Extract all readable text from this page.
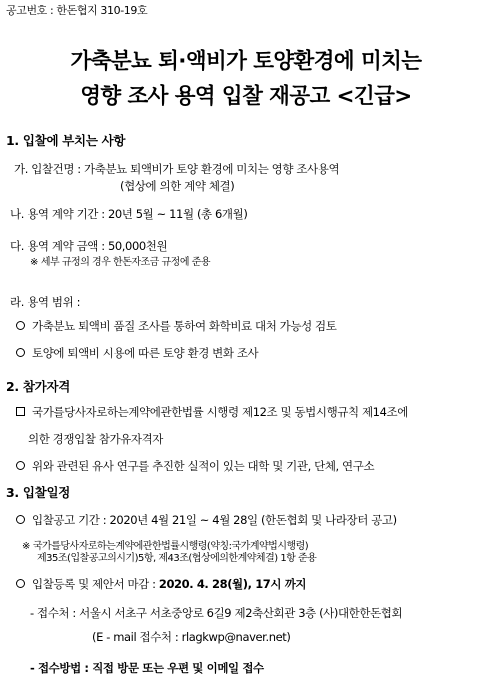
공고번호 : 한돈협지 310-19호
가축분뇨 퇴·액비가 토양환경에 미치는
영향 조사 용역 입찰 재공고 <긴급>
1. 입찰에 부치는 사항
가. 입찰건명 : 가축분뇨 퇴액비가 토양 환경에 미치는 영향 조사용역
(협상에 의한 계약 체결)
나. 용역 계약 기간 : 20년 5월 ~ 11월 (총 6개월)
다. 용역 계약 금액 : 50,000천원
※ 세부 규정의 경우 한돈자조금 규정에 준용
라. 용역 범위 :
가축분뇨 퇴액비 품질 조사를 통하여 화학비료 대처 가능성 검토
토양에 퇴액비 시용에 따른 토양 환경 변화 조사
2. 참가자격
국가를당사자로하는계약에관한법률 시행령 제12조 및 동법시행규칙 제14조에
의한 경쟁입찰 참가유자격자
위와 관련된 유사 연구를 추진한 실적이 있는 대학 및 기관, 단체, 연구소
3. 입찰일정
입찰공고 기간 : 2020년 4월 21일 ~ 4월 28일 (한돈협회 및 나라장터 공고)
※ 국가를당사자로하는계약에관한법률시행령(약칭:국가계약법시행령)
제35조(입찰공고의시기)5항, 제43조(협상에의한계약체결) 1항 준용
입찰등록 및 제안서 마감 : 2020. 4. 28(월), 17시 까지
- 접수처 : 서울시 서초구 서초중앙로 6길9 제2축산회관 3층 (사)대한한돈협회
(E - mail 접수처 : rlagkwp@naver.net)
- 접수방법 : 직접 방문 또는 우편 및 이메일 접수
